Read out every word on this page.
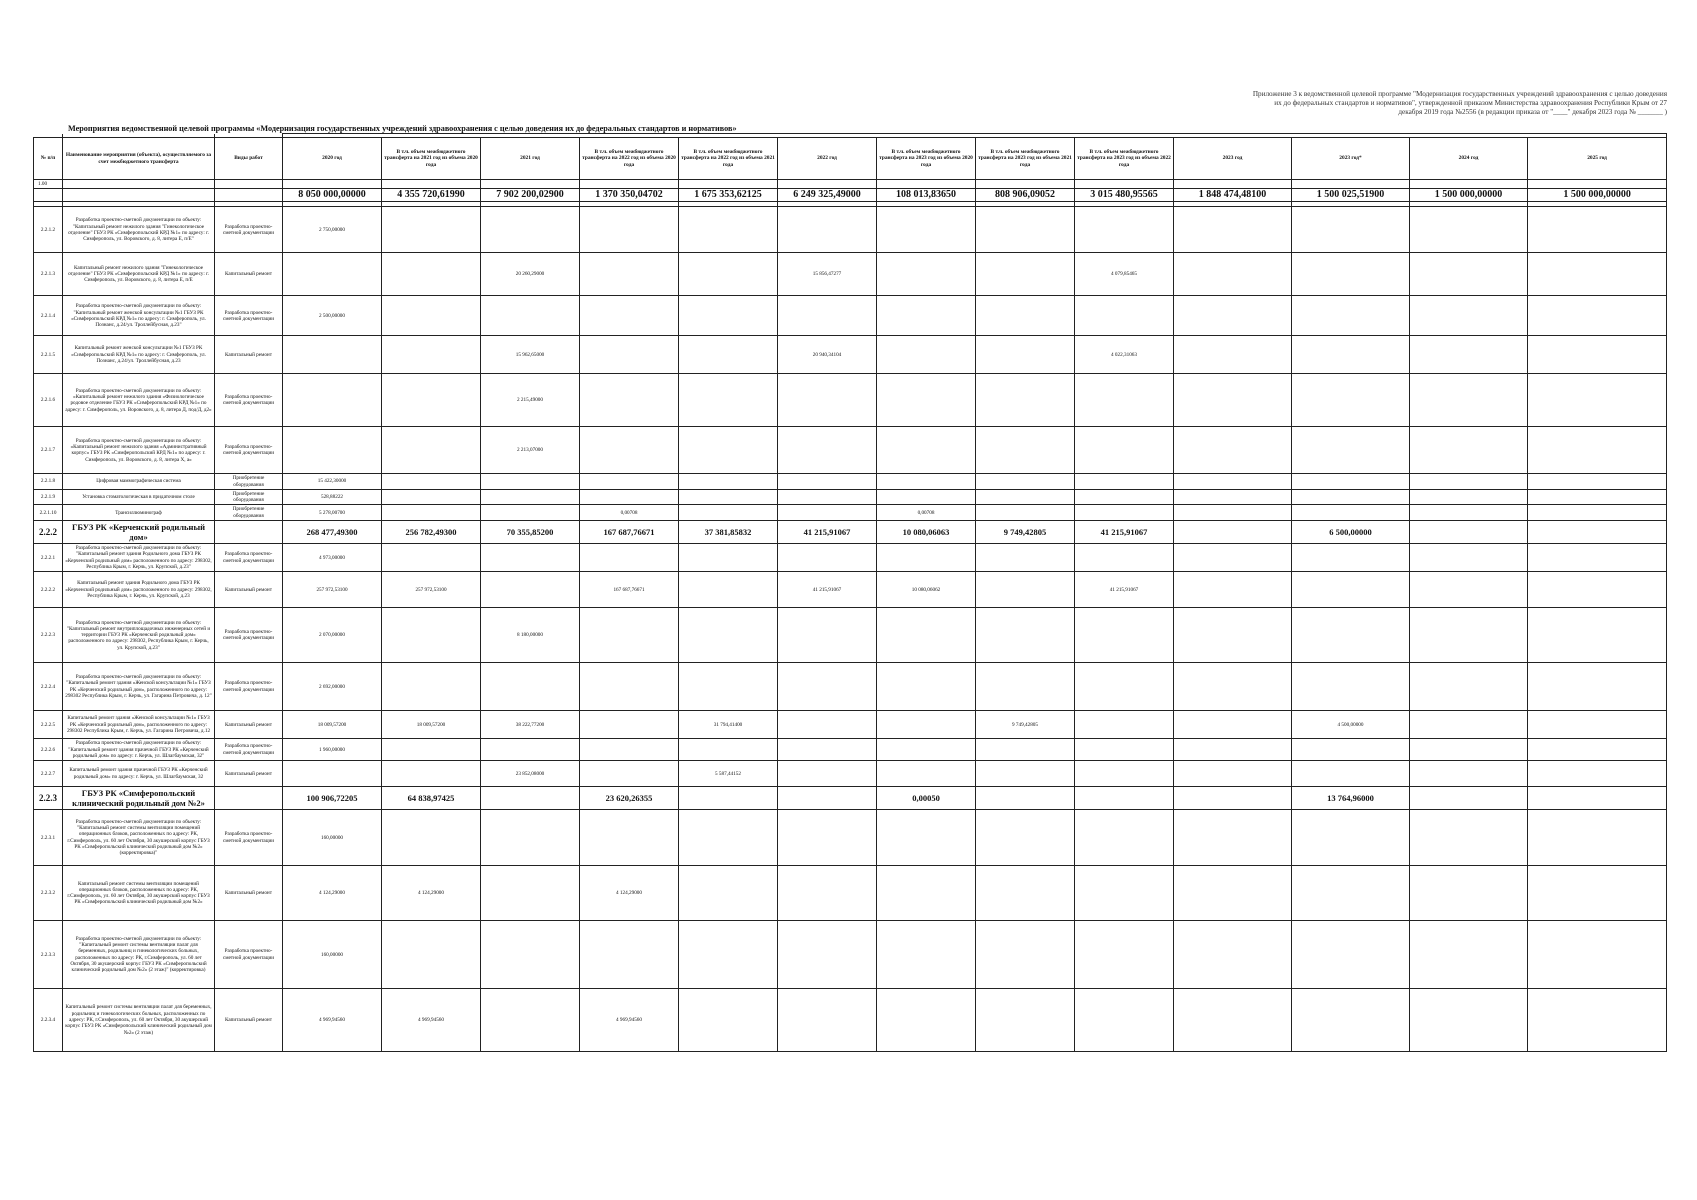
Приложение 3 к ведомственной целевой программе "Модернизация государственных учреждений здравоохранения с целью доведения
их до федеральных стандартов и нормативов", утвержденной приказом Министерства здравоохранения Республики Крым от 27
декабря 2019 года №2556 (в редакции приказа от "____" декабря 2023 года № _______ )
Мероприятия ведомственной целевой программы «Модернизация государственных учреждений здравоохранения с целью доведения их до федеральных стандартов и нормативов»

№ п/п	Наименование мероприятия (объекта), осуществляемого за счет межбюджетного трансферта	Виды работ	2020 год	В т.ч. объем межбюджетного трансферта на 2021 год из объема 2020 года	2021 год	В т.ч. объем межбюджетного трансферта на 2022 год из объема 2020 года	В т.ч. объем межбюджетного трансферта на 2022 год из объема 2021 года	2022 год	В т.ч. объем межбюджетного трансферта на 2023 год из объема 2020 года	В т.ч. объем межбюджетного трансферта на 2023 год из объема 2021 года	В т.ч. объем межбюджетного трансферта на 2023 год из объема 2022 года	2023 год	2023 год*	2024 год	2025 год
1.00															
			8 050 000,00000	4 355 720,61990	7 902 200,02900	1 370 350,04702	1 675 353,62125	6 249 325,49000	108 013,83650	808 906,09052	3 015 480,95565	1 848 474,48100	1 500 025,51900	1 500 000,00000	1 500 000,00000

2.2.1.2	Разработка проектно-сметной документации по объекту: "Капитальный ремонт нежилого здания "Гинекологическое отделение" ГБУЗ РК «Симферопольский КРД №1» по адресу: г. Симферополь, ул. Воровского, д. 8, литера Е, п/Е"	Разработка проектно-сметной документации	2 750,00000												
2.2.1.3	Капитальный ремонт нежилого здания "Гинекологическое отделение" ГБУЗ РК «Симферопольский КРД №1» по адресу: г. Симферополь, ул. Воровского, д. 8, литера Е, п/Е	Капитальный ремонт			20 260,29000			15 856,47277			4 079,85465				
2.2.1.4	Разработка проектно-сметной документации по объекту: "Капитальный ремонт женской консультации №1 ГБУЗ РК «Симферопольский КРД №1» по адресу: г. Симферополь, ул. Познанс, д.24/ул. Троллейбусная, д.23"	Разработка проектно-сметной документации	2 500,00000												
2.2.1.5	Капитальный ремонт женской консультации №1 ГБУЗ РК «Симферопольский КРД №1» по адресу: г. Симферополь, ул. Познанс, д.24/ул. Троллейбусная, д.23	Капитальный ремонт			15 962,65000			20 940,34104			4 022,31063				
2.2.1.6	Разработка проектно-сметной документации по объекту: «Капитальный ремонт нежилого здания «Физиологическое родовое отделение ГБУЗ РК «Симферопольский КРД №1» по адресу: г. Симферополь, ул. Воровского, д. 8, литера Д, под/Д, д2»	Разработка проектно-сметной документации			2 215,49000										
2.2.1.7	Разработка проектно-сметной документации по объекту: «Капитальный ремонт нежилого здания «Административный корпус» ГБУЗ РК «Симферопольский КРД №1» по адресу: г. Симферополь, ул. Воровского, д. 8, литера Х, а»	Разработка проектно-сметной документации			2 213,07000										
2.2.1.8	Цифровая маммографическая система	Приобретение оборудования	15 422,30000												
2.2.1.9	Установка стоматологическая в придаточном столе	Приобретение оборудования	528,88222												
2.2.1.10	Трансиллюминограф	Приобретение оборудования	5 278,00700			0,00708			0,00708						
2.2.2	ГБУЗ РК «Керченский родильный дом»		268 477,49300	256 782,49300	70 355,85200	167 687,76671	37 381,85832	41 215,91067	10 080,06063	9 749,42805	41 215,91067		6 500,00000		
2.2.2.1	Разработка проектно-сметной документации по объекту: "Капитальный ремонт здания Родильного дома ГБУЗ РК «Керченский родильный дом» расположенного по адресу: 298302, Республика Крым, г. Керчь, ул. Крупской, д.23"	Разработка проектно-сметной документации	4 973,00000												
2.2.2.2	Капитальный ремонт здания Родильного дома ГБУЗ РК «Керченский родильный дом» расположенного по адресу: 298302, Республика Крым, г. Керчь, ул. Крупской, д.23	Капитальный ремонт	257 972,53100	257 972,53100		167 687,76671		41 215,91067	10 080,06062		41 215,91067				
2.2.2.3	Разработка проектно-сметной документации по объекту: "Капитальный ремонт внутриплощадочных инженерных сетей и территории ГБУЗ РК «Керченский родильный дом» расположенного по адресу: 298302, Республика Крым, г. Керчь, ул. Крупской, д.23"	Разработка проектно-сметной документации	2 070,00000		8 180,00000										
2.2.2.4	Разработка проектно-сметной документации по объекту: "Капитальный ремонт здания «Женской консультации №1» ГБУЗ РК «Керченский родильный дом», расположенного по адресу: 298302 Республика Крым, г. Керчь, ул. Гагарина Петровича, д. 12"	Разработка проектно-сметной документации	2 692,00000												
2.2.2.5	Капитальный ремонт здания «Женской консультации №1» ГБУЗ РК «Керченский родильный дом», расположенного по адресу: 298302 Республика Крым, г. Керчь, ул. Гагарина Петровича, д.12	Капитальный ремонт	18 009,57200	18 009,57200	38 222,77200		31 794,41400			9 749,42805			4 500,00000		
2.2.2.6	Разработка проектно-сметной документации по объекту: "Капитальный ремонт здания прачечной ГБУЗ РК «Керченский родильный дом» по адресу: г. Керчь, ул. Шлагбаумская, 32"	Разработка проектно-сметной документации	1 960,00000												
2.2.2.7	Капитальный ремонт здания прачечной ГБУЗ РК «Керченский родильный дом» по адресу: г. Керчь, ул. Шлагбаумская, 32	Капитальный ремонт			23 852,08000		5 587,44152								
2.2.3	ГБУЗ РК «Симферопольский клинический родильный дом №2»		100 906,72205	64 838,97425		23 620,26355			0,00050				13 764,96000		
2.2.3.1	Разработка проектно-сметной документации по объекту: "Капитальный ремонт системы вентиляции помещений операционных блоков, расположенных по адресу: РК, г.Симферополь, ул. 60 лет Октября, 30 акушерский корпус ГБУЗ РК «Симферопольский клинический родильный дом №2» (корректировка)"	Разработка проектно-сметной документации	160,00000												
2.2.3.2	Капитальный ремонт системы вентиляции помещений операционных блоков, расположенных по адресу: РК, г.Симферополь, ул. 60 лет Октября, 30 акушерский корпус ГБУЗ РК «Симферопольский клинический родильный дом №2»	Капитальный ремонт	4 124,29000	4 124,29000		4 124,29000									
2.2.3.3	Разработка проектно-сметной документации по объекту: "Капитальный ремонт системы вентиляции палат для беременных, родильниц и гинекологических больных, расположенных по адресу: РК, г.Симферополь, ул. 60 лет Октября, 30 акушерский корпус ГБУЗ РК «Симферопольский клинический родильный дом №2» (2 этаж)" (корректировка)	Разработка проектно-сметной документации	160,00000												
2.2.3.4	Капитальный ремонт системы вентиляции палат для беременных, родильниц и гинекологических больных, расположенных по адресу: РК, г.Симферополь, ул. 60 лет Октября, 30 акушерский корпус ГБУЗ РК «Симферопольский клинический родильный дом №2» (2 этаж)	Капитальный ремонт	4 969,94560	4 969,94560		4 969,94560									
